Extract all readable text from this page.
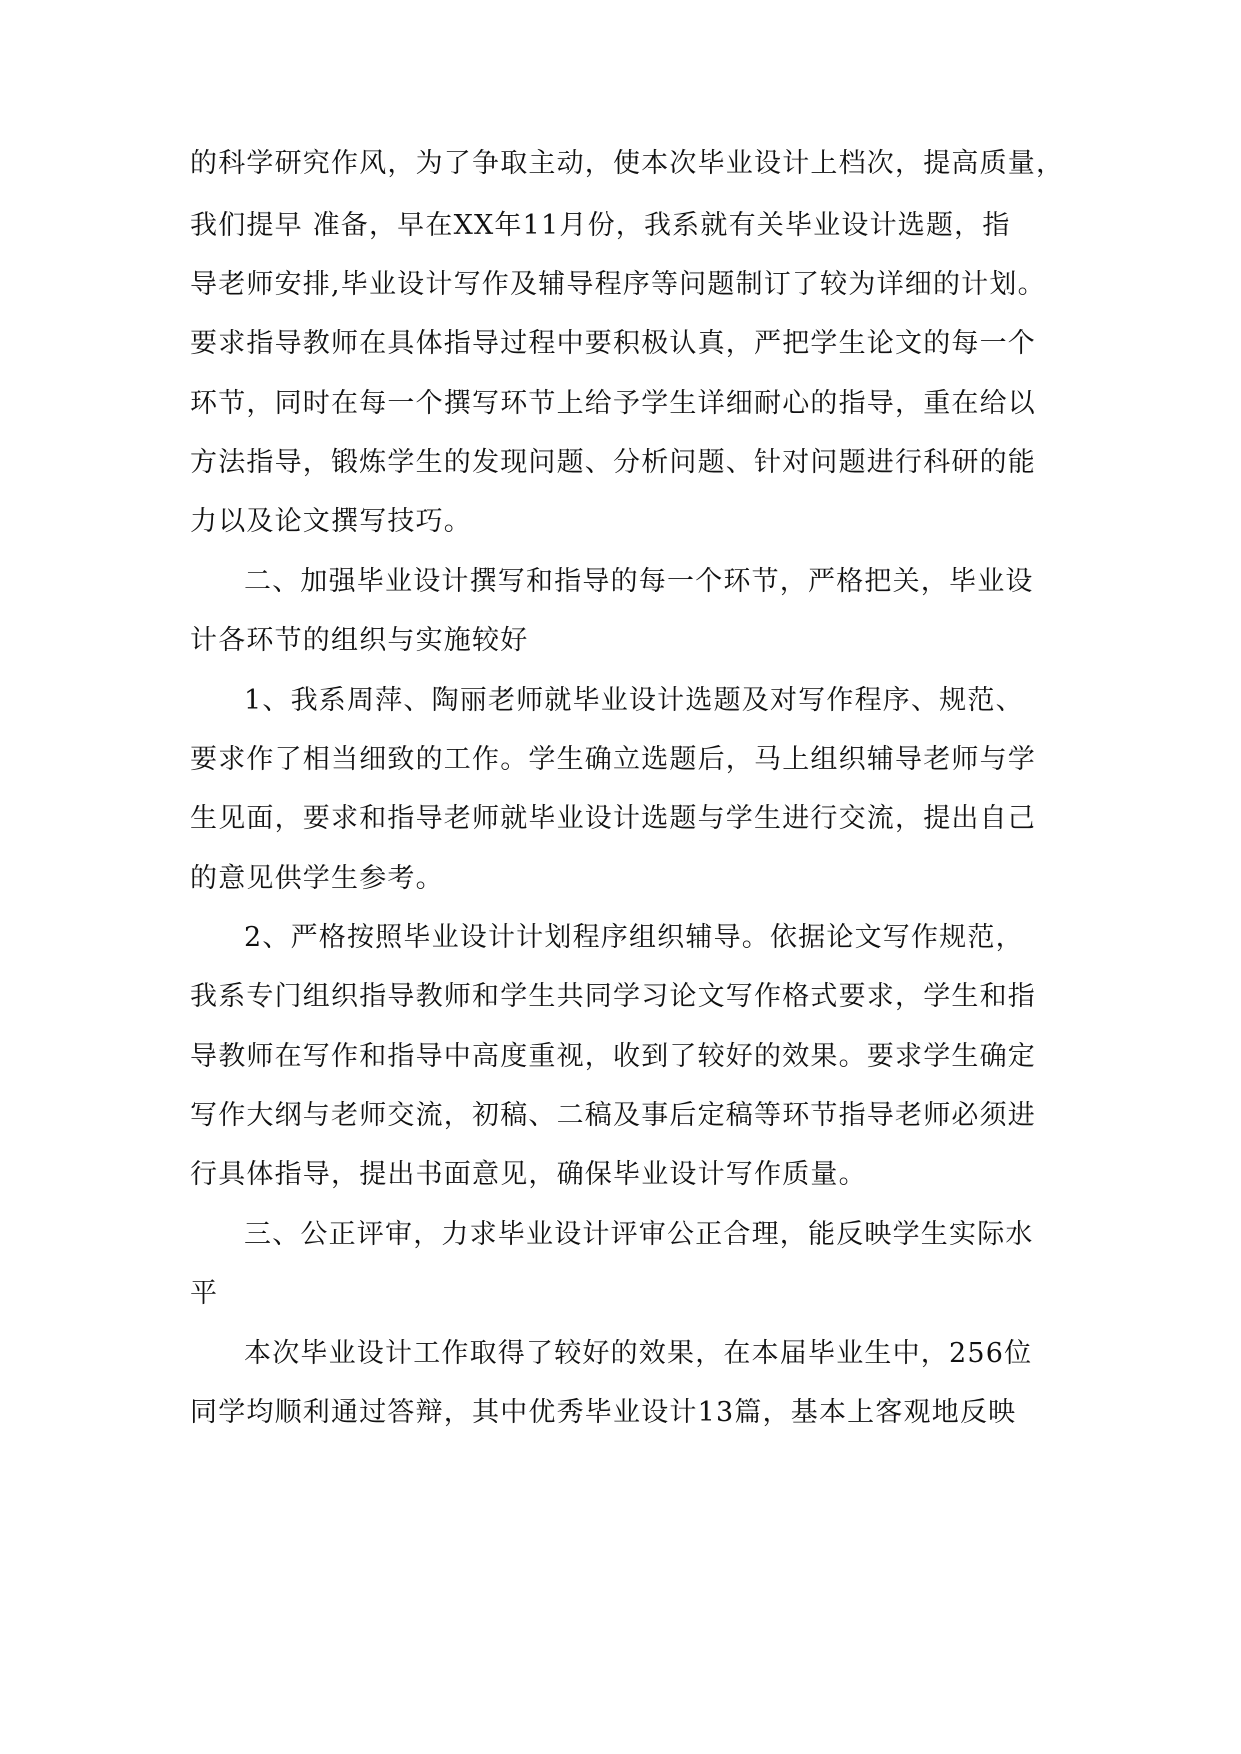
的科学研究作风，为了争取主动，使本次毕业设计上档次，提高质量，

我们提早 准备，早在XX年11月份，我系就有关毕业设计选题，指

导老师安排,毕业设计写作及辅导程序等问题制订了较为详细的计划。

要求指导教师在具体指导过程中要积极认真，严把学生论文的每一个

环节，同时在每一个撰写环节上给予学生详细耐心的指导，重在给以

方法指导，锻炼学生的发现问题、分析问题、针对问题进行科研的能

力以及论文撰写技巧。

二、加强毕业设计撰写和指导的每一个环节，严格把关，毕业设

计各环节的组织与实施较好

1、我系周萍、陶丽老师就毕业设计选题及对写作程序、规范、

要求作了相当细致的工作。学生确立选题后，马上组织辅导老师与学

生见面，要求和指导老师就毕业设计选题与学生进行交流，提出自己

的意见供学生参考。

2、严格按照毕业设计计划程序组织辅导。依据论文写作规范，

我系专门组织指导教师和学生共同学习论文写作格式要求，学生和指

导教师在写作和指导中高度重视，收到了较好的效果。要求学生确定

写作大纲与老师交流，初稿、二稿及事后定稿等环节指导老师必须进

行具体指导，提出书面意见，确保毕业设计写作质量。

三、公正评审，力求毕业设计评审公正合理，能反映学生实际水

平

本次毕业设计工作取得了较好的效果，在本届毕业生中，256位

同学均顺利通过答辩，其中优秀毕业设计13篇，基本上客观地反映
